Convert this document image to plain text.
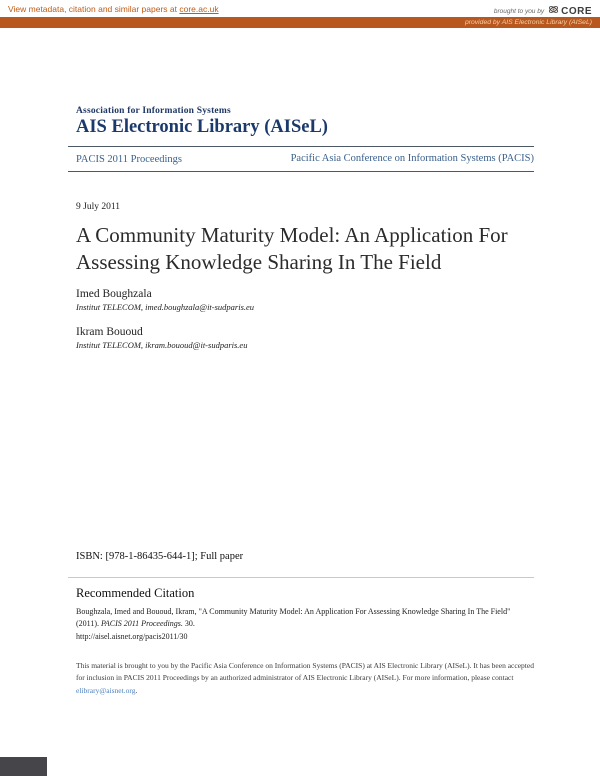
View metadata, citation and similar papers at core.ac.uk	brought to you by CORE
provided by AIS Electronic Library (AISeL)
Association for Information Systems
AIS Electronic Library (AISeL)
PACIS 2011 Proceedings	Pacific Asia Conference on Information Systems (PACIS)
9 July 2011
A Community Maturity Model: An Application For Assessing Knowledge Sharing In The Field
Imed Boughzala
Institut TELECOM, imed.boughzala@it-sudparis.eu
Ikram Bououd
Institut TELECOM, ikram.bououd@it-sudparis.eu
ISBN: [978-1-86435-644-1]; Full paper
Recommended Citation
Boughzala, Imed and Bououd, Ikram, "A Community Maturity Model: An Application For Assessing Knowledge Sharing In The Field" (2011). PACIS 2011 Proceedings. 30.
http://aisel.aisnet.org/pacis2011/30
This material is brought to you by the Pacific Asia Conference on Information Systems (PACIS) at AIS Electronic Library (AISeL). It has been accepted for inclusion in PACIS 2011 Proceedings by an authorized administrator of AIS Electronic Library (AISeL). For more information, please contact elibrary@aisnet.org.
